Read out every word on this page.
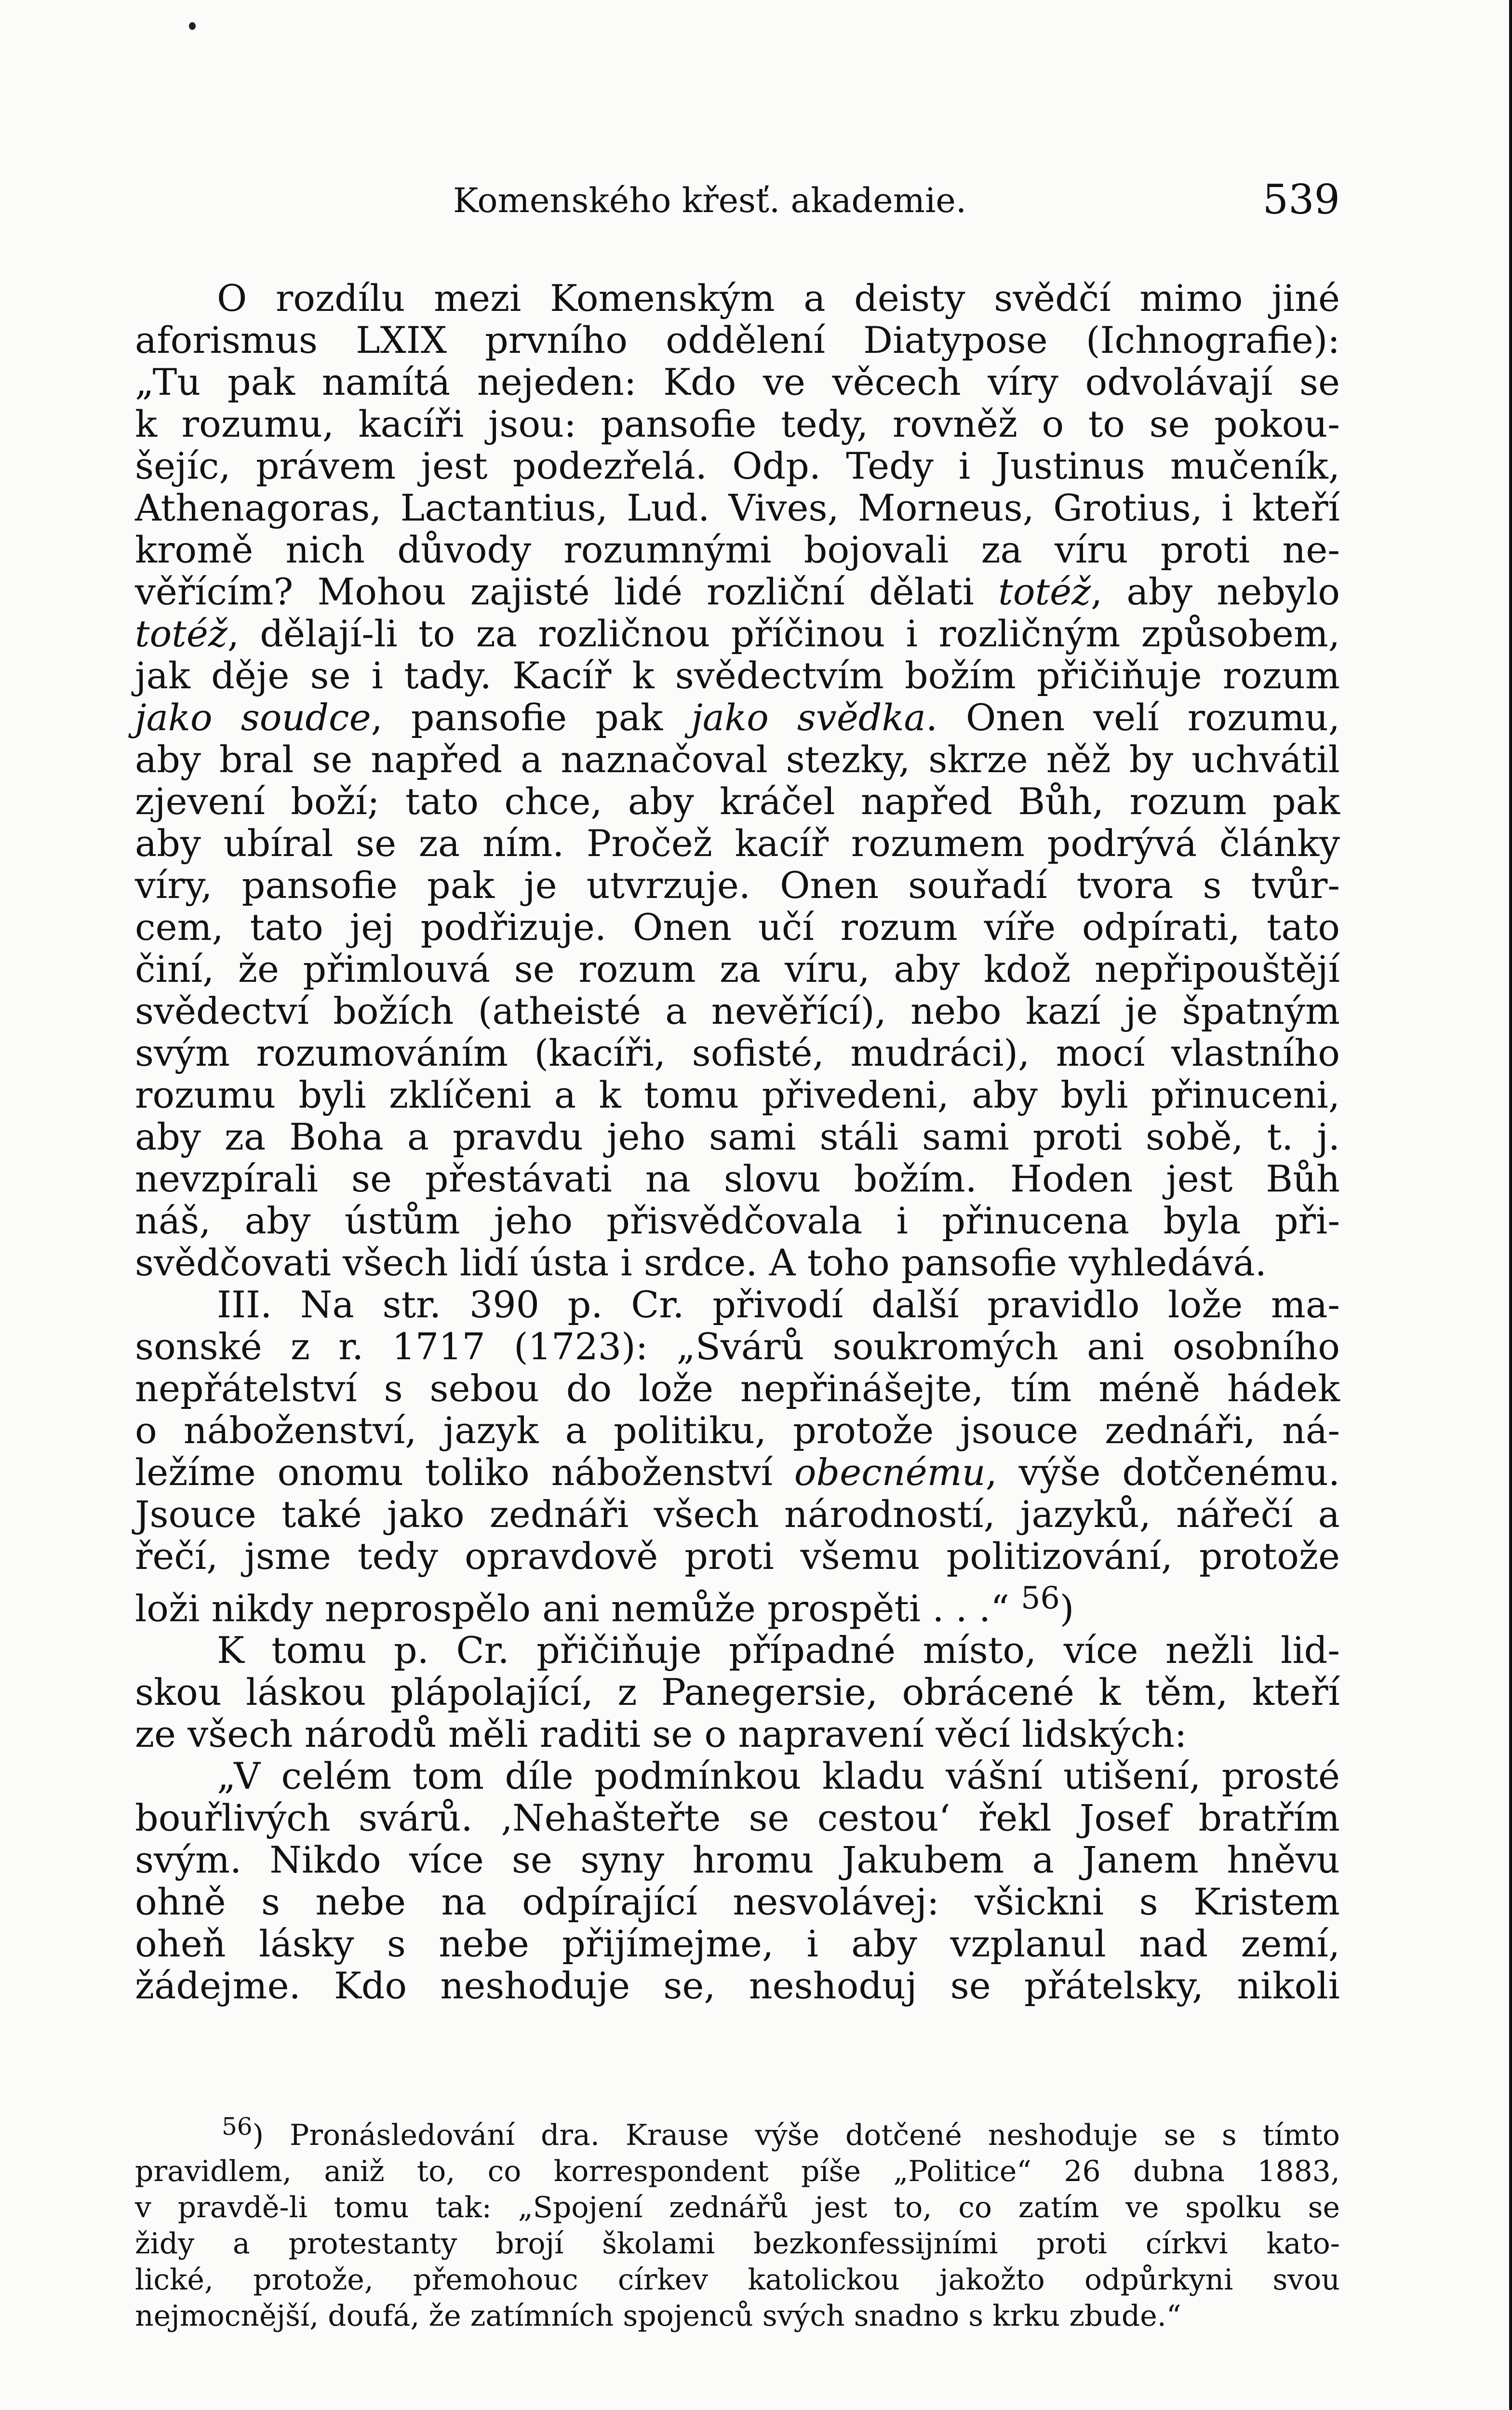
Komenského křesť. akademie.	539
O rozdílu mezi Komenským a deisty svědčí mimo jiné
aforismus LXIX prvního oddělení Diatypose (Ichnografie):
„Tu pak namítá nejeden: Kdo ve věcech víry odvolávají se
k rozumu, kacíři jsou: pansofie tedy, rovněž o to se pokou-
šejíc, právem jest podezřelá. Odp. Tedy i Justinus mučeník,
Athenagoras, Lactantius, Lud. Vives, Morneus, Grotius, i kteří
kromě nich důvody rozumnými bojovali za víru proti ne-
věřícím? Mohou zajisté lidé rozliční dělati totéž, aby nebylo
totéž, dělají-li to za rozličnou příčinou i rozličným způsobem,
jak děje se i tady. Kacíř k svědectvím božím přičiňuje rozum
jako soudce, pansofie pak jako svědka. Onen velí rozumu,
aby bral se napřed a naznačoval stezky, skrze něž by uchvátil
zjevení boží; tato chce, aby kráčel napřed Bůh, rozum pak
aby ubíral se za ním. Pročež kacíř rozumem podrývá články
víry, pansofie pak je utvrzuje. Onen souřadí tvora s tvůr-
cem, tato jej podřizuje. Onen učí rozum víře odpírati, tato
činí, že přimlouvá se rozum za víru, aby kdož nepřipouštějí
svědectví božích (atheisté a nevěřící), nebo kazí je špatným
svým rozumováním (kacíři, sofisté, mudráci), mocí vlastního
rozumu byli zklíčeni a k tomu přivedeni, aby byli přinuceni,
aby za Boha a pravdu jeho sami stáli sami proti sobě, t. j.
nevzpírali se přestávati na slovu božím. Hoden jest Bůh
náš, aby ústům jeho přisvědčovala i přinucena byla při-
svědčovati všech lidí ústa i srdce. A toho pansofie vyhledává.
III. Na str. 390 p. Cr. přivodí další pravidlo lože ma-
sonské z r. 1717 (1723): „Svárů soukromých ani osobního
nepřátelství s sebou do lože nepřinášejte, tím méně hádek
o náboženství, jazyk a politiku, protože jsouce zednáři, ná-
ležíme onomu toliko náboženství obecnému, výše dotčenému.
Jsouce také jako zednáři všech národností, jazyků, nářečí a
řečí, jsme tedy opravdově proti všemu politizování, protože
loži nikdy neprospělo ani nemůže prospěti . . .“ $^{56}$)
K tomu p. Cr. přičiňuje případné místo, více nežli lid-
skou láskou plápolající, z Panegersie, obrácené k těm, kteří
ze všech národů měli raditi se o napravení věcí lidských:
„V celém tom díle podmínkou kladu vášní utišení, prosté
bouřlivých svárů. ‚Nehašteřte se cestou‘ řekl Josef bratřím
svým. Nikdo více se syny hromu Jakubem a Janem hněvu
ohně s nebe na odpírající nesvolávej: všickni s Kristem
oheň lásky s nebe přijímejme, i aby vzplanul nad zemí,
žádejme. Kdo neshoduje se, neshoduj se přátelsky, nikoli
$^{56}$) Pronásledování dra. Krause výše dotčené neshoduje se s tímto
pravidlem, aniž to, co korrespondent píše „Politice“ 26 dubna 1883,
v pravdě-li tomu tak: „Spojení zednářů jest to, co zatím ve spolku se
židy a protestanty brojí školami bezkonfessijními proti církvi kato-
lické, protože, přemohouc církev katolickou jakožto odpůrkyni svou
nejmocnější, doufá, že zatímních spojenců svých snadno s krku zbude.“
